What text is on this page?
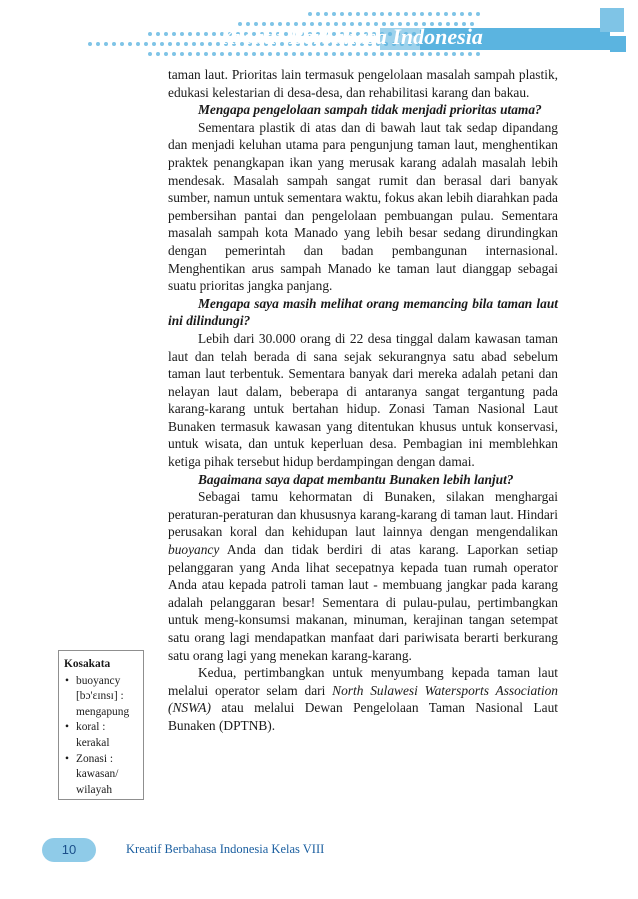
Kreatif Berbahasa Indonesia

taman laut. Prioritas lain termasuk pengelolaan masalah sampah plastik, edukasi kelestarian di desa-desa, dan rehabilitasi karang dan bakau.

Mengapa pengelolaan sampah tidak menjadi prioritas utama?

Sementara plastik di atas dan di bawah laut tak sedap dipandang dan menjadi keluhan utama para pengunjung taman laut, menghentikan praktek penangkapan ikan yang merusak karang adalah masalah lebih mendesak. Masalah sampah sangat rumit dan berasal dari banyak sumber, namun untuk sementara waktu, fokus akan lebih diarahkan pada pembersihan pantai dan pengelolaan pembuangan pulau. Sementara masalah sampah kota Manado yang lebih besar sedang dirundingkan dengan pemerintah dan badan pembangunan internasional. Menghentikan arus sampah Manado ke taman laut dianggap sebagai suatu prioritas jangka panjang.

Mengapa saya masih melihat orang memancing bila taman laut ini dilindungi?

Lebih dari 30.000 orang di 22 desa tinggal dalam kawasan taman laut dan telah berada di sana sejak sekurangnya satu abad sebelum taman laut terbentuk. Sementara banyak dari mereka adalah petani dan nelayan laut dalam, beberapa di antaranya sangat tergantung pada karang-karang untuk bertahan hidup. Zonasi Taman Nasional Laut Bunaken termasuk kawasan yang ditentukan khusus untuk konservasi, untuk wisata, dan untuk keperluan desa. Pembagian ini memblehkan ketiga pihak tersebut hidup berdampingan dengan damai.

Bagaimana saya dapat membantu Bunaken lebih lanjut?

Sebagai tamu kehormatan di Bunaken, silakan menghargai peraturan-peraturan dan khususnya karang-karang di taman laut. Hindari perusakan koral dan kehidupan laut lainnya dengan mengendalikan buoyancy Anda dan tidak berdiri di atas karang. Laporkan setiap pelanggaran yang Anda lihat secepatnya kepada tuan rumah operator Anda atau kepada patroli taman laut - membuang jangkar pada karang adalah pelanggaran besar! Sementara di pulau-pulau, pertimbangkan untuk meng-konsumsi makanan, minuman, kerajinan tangan setempat satu orang lagi mendapatkan manfaat dari pariwisata berarti berkurang satu orang lagi yang menekan karang-karang.

Kedua, pertimbangkan untuk menyumbang kepada taman laut melalui operator selam dari North Sulawesi Watersports Association (NSWA) atau melalui Dewan Pengelolaan Taman Nasional Laut Bunaken (DPTNB).

Kosakata
• buoyancy
[bɔ'ɛɪnsɪ] : mengapung
• koral :
kerakal
• Zonasi :
kawasan/ wilayah
10	Kreatif Berbahasa Indonesia Kelas VIII
